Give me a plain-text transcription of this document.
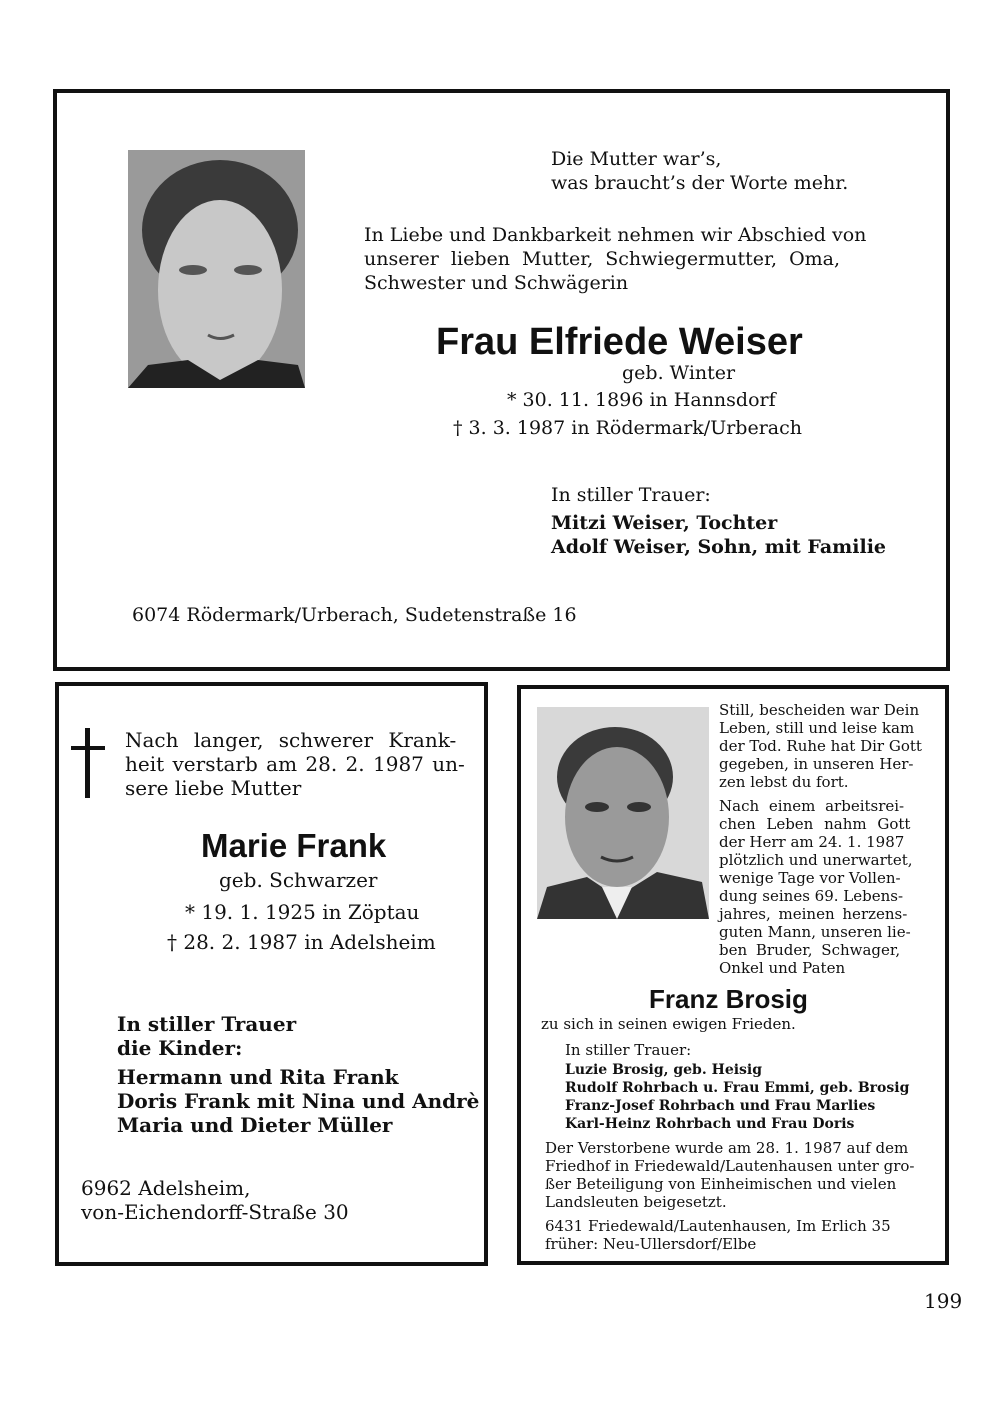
Die Mutter war’s,

was braucht’s der Worte mehr.

In Liebe und Dankbarkeit nehmen wir Abschied von

unserer lieben Mutter, Schwiegermutter, Oma,

Schwester und Schwägerin

Frau Elfriede Weiser

geb. Winter

* 30. 11. 1896 in Hannsdorf

† 3. 3. 1987 in Rödermark/Urberach

In stiller Trauer:

Mitzi Weiser, Tochter

Adolf Weiser, Sohn, mit Familie

6074 Rödermark/Urberach, Sudetenstraße 16

Nach langer, schwerer Krank-

heit verstarb am 28. 2. 1987 un-

sere liebe Mutter

Marie Frank

geb. Schwarzer

* 19. 1. 1925 in Zöptau

† 28. 2. 1987 in Adelsheim

In stiller Trauer

die Kinder:

Hermann und Rita Frank

Doris Frank mit Nina und Andrè

Maria und Dieter Müller

6962 Adelsheim,

von-Eichendorff-Straße 30

Still, bescheiden war Dein

Leben, still und leise kam

der Tod. Ruhe hat Dir Gott

gegeben, in unseren Her-

zen lebst du fort.

Nach einem arbeitsrei-

chen Leben nahm Gott

der Herr am 24. 1. 1987

plötzlich und unerwartet,

wenige Tage vor Vollen-

dung seines 69. Lebens-

jahres, meinen herzens-

guten Mann, unseren lie-

ben Bruder, Schwager,

Onkel und Paten

Franz Brosig

zu sich in seinen ewigen Frieden.

In stiller Trauer:

Luzie Brosig, geb. Heisig

Rudolf Rohrbach u. Frau Emmi, geb. Brosig

Franz-Josef Rohrbach und Frau Marlies

Karl-Heinz Rohrbach und Frau Doris

Der Verstorbene wurde am 28. 1. 1987 auf dem

Friedhof in Friedewald/Lautenhausen unter gro-

ßer Beteiligung von Einheimischen und vielen

Landsleuten beigesetzt.

6431 Friedewald/Lautenhausen, Im Erlich 35

früher: Neu-Ullersdorf/Elbe

199
